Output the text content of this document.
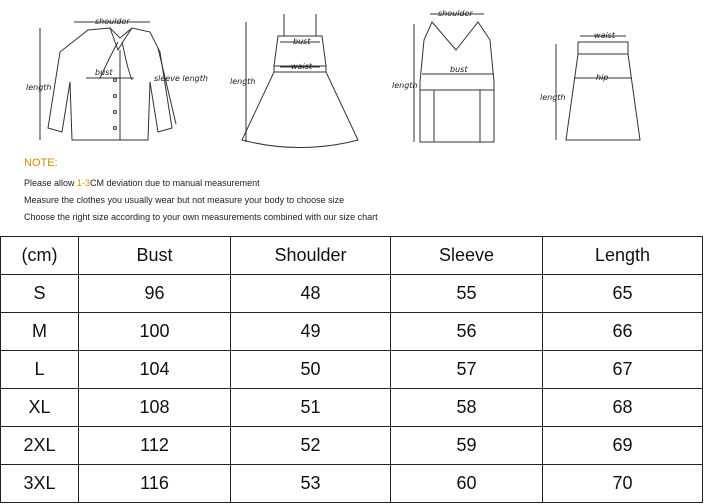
shoulder
bust
sleeve length
length
bust
waist
length
shoulder
bust
length
waist
hip
length
NOTE:
Please allow 1-3CM deviation due to manual measurement
Measure the clothes you usually wear but not measure your body to choose size
Choose the right size according to your own measurements combined with our size chart
(cm)	Bust	Shoulder	Sleeve	Length
S	96	48	55	65
M	100	49	56	66
L	104	50	57	67
XL	108	51	58	68
2XL	112	52	59	69
3XL	116	53	60	70
